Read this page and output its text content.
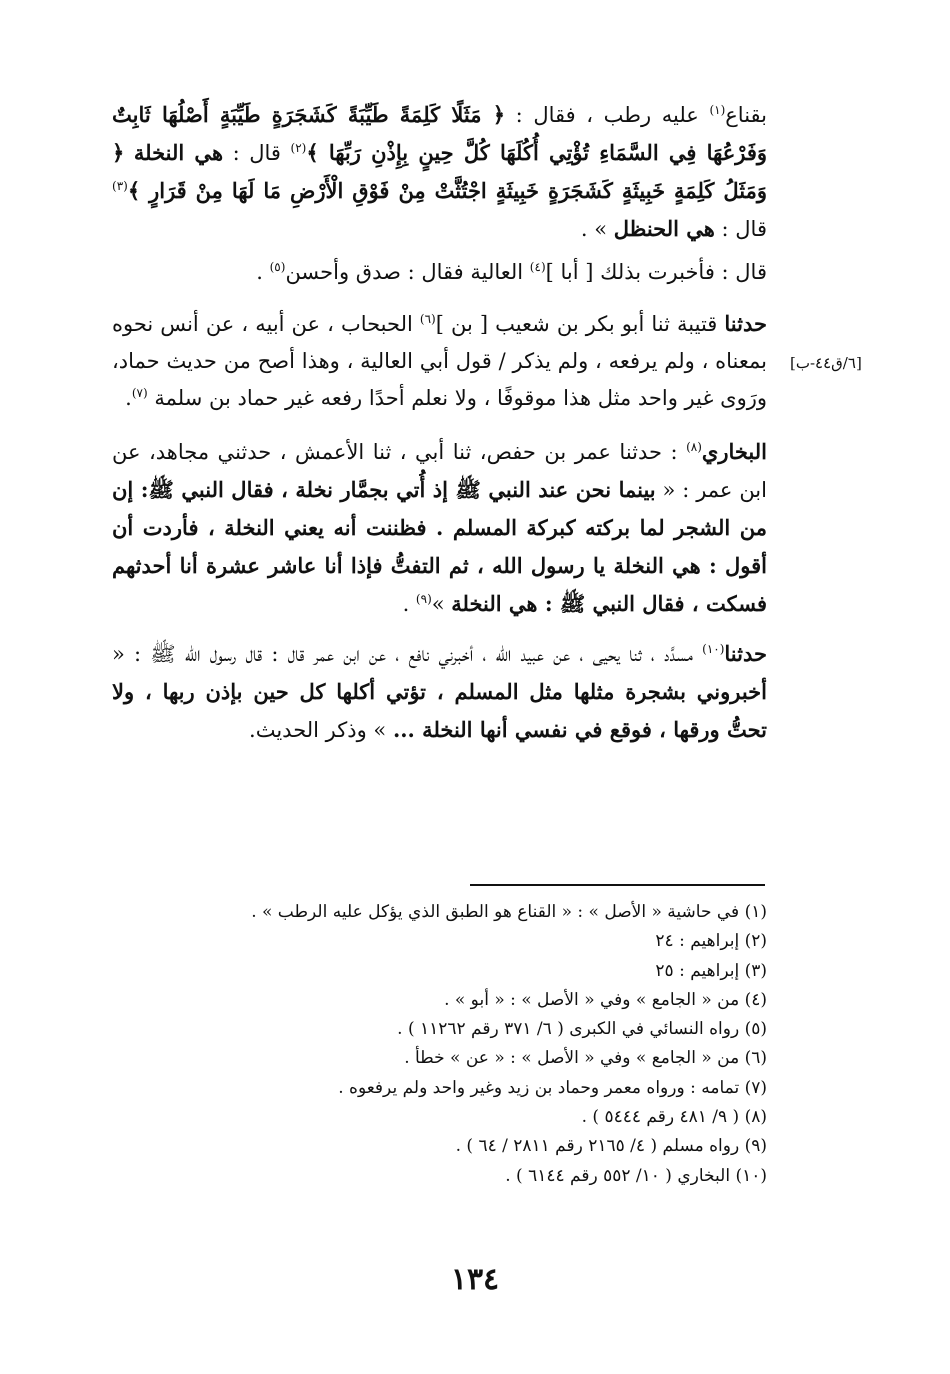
[٦/ق٤٤-ب]

بقناع$^{(١)}$ عليه رطب ، فقال : ﴿ مَثَلًا كَلِمَةً طَيِّبَةً كَشَجَرَةٍ طَيِّبَةٍ أَصْلُهَا ثَابِتٌ وَفَرْعُهَا فِي السَّمَاءِ تُؤْتِي أُكُلَهَا كُلَّ حِينٍ بِإِذْنِ رَبِّهَا ﴾$^{(٢)}$ قال : هي النخلة ﴿ وَمَثَلُ كَلِمَةٍ خَبِيثَةٍ كَشَجَرَةٍ خَبِيثَةٍ اجْتُثَّتْ مِنْ فَوْقِ الْأَرْضِ مَا لَهَا مِنْ قَرَارٍ ﴾$^{(٣)}$ قال : هي الحنظل » .

قال : فأخبرت بذلك [ أبا ]$^{(٤)}$ العالية فقال : صدق وأحسن$^{(٥)}$ .

حدثنا قتيبة ثنا أبو بكر بن شعيب [ بن ]$^{(٦)}$ الحبحاب ، عن أبيه ، عن أنس نحوه بمعناه ، ولم يرفعه ، ولم يذكر / قول أبي العالية ، وهذا أصح من حديث حماد، ورَوى غير واحد مثل هذا موقوفًا ، ولا نعلم أحدًا رفعه غير حماد بن سلمة $^{(٧)}$.

البخاري$^{(٨)}$ : حدثنا عمر بن حفص، ثنا أبي ، ثنا الأعمش ، حدثني مجاهد، عن ابن عمر : « بينما نحن عند النبي ﷺ إذ أُتي بجمَّار نخلة ، فقال النبي ﷺ: إن من الشجر لما بركته كبركة المسلم . فظننت أنه يعني النخلة ، فأردت أن أقول : هي النخلة يا رسول الله ، ثم التفتُّ فإذا أنا عاشر عشرة أنا أحدثهم فسكت ، فقال النبي ﷺ : هي النخلة »$^{(٩)}$ .

حدثنا$^{(١٠)}$ مسدَّد ، ثنا يحيى ، عن عبيد الله ، أخبرني نافع ، عن ابن عمر قال : قال رسول الله ﷺ : « أخبروني بشجرة مثلها مثل المسلم ، تؤتي أكلها كل حين بإذن ربها ، ولا تحتُّ ورقها ، فوقع في نفسي أنها النخلة ... » وذكر الحديث.

(١) في حاشية « الأصل » : « القناع هو الطبق الذي يؤكل عليه الرطب » .

(٢) إبراهيم : ٢٤

(٣) إبراهيم : ٢٥

(٤) من « الجامع » وفي « الأصل » : « أبو » .

(٥) رواه النسائي في الكبرى ( ٦/ ٣٧١ رقم ١١٢٦٢ ) .

(٦) من « الجامع » وفي « الأصل » : « عن » خطأ .

(٧) تمامه : ورواه معمر وحماد بن زيد وغير واحد ولم يرفعوه .

(٨) ( ٩/ ٤٨١ رقم ٥٤٤٤ ) .

(٩) رواه مسلم ( ٤/ ٢١٦٥ رقم ٢٨١١ / ٦٤ ) .

(١٠) البخاري ( ١٠/ ٥٥٢ رقم ٦١٤٤ ) .

١٣٤
